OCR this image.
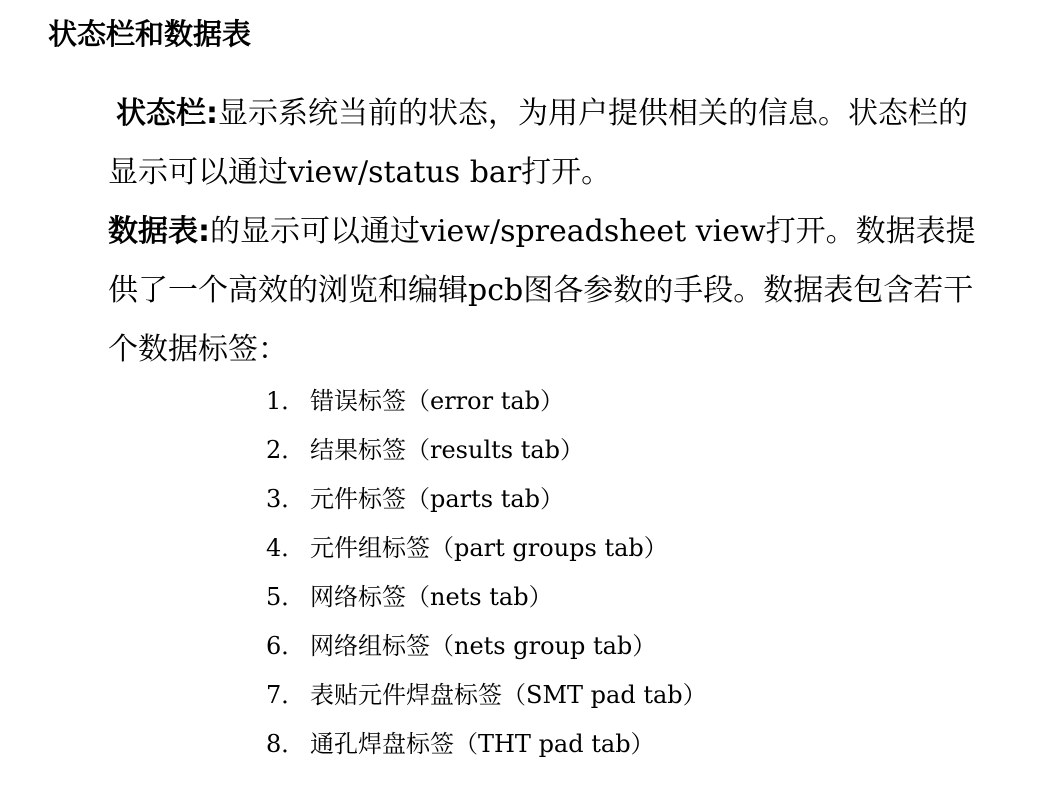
状态栏和数据表
状态栏:显示系统当前的状态，为用户提供相关的信息。状态栏的显示可以通过view/status bar打开。
数据表:的显示可以通过view/spreadsheet view打开。数据表提供了一个高效的浏览和编辑pcb图各参数的手段。数据表包含若干个数据标签：
1． 错误标签（error tab）
2． 结果标签（results tab）
3． 元件标签（parts tab）
4． 元件组标签（part groups tab）
5． 网络标签（nets tab）
6． 网络组标签（nets group tab）
7． 表贴元件焊盘标签（SMT pad tab）
8． 通孔焊盘标签（THT pad tab）
